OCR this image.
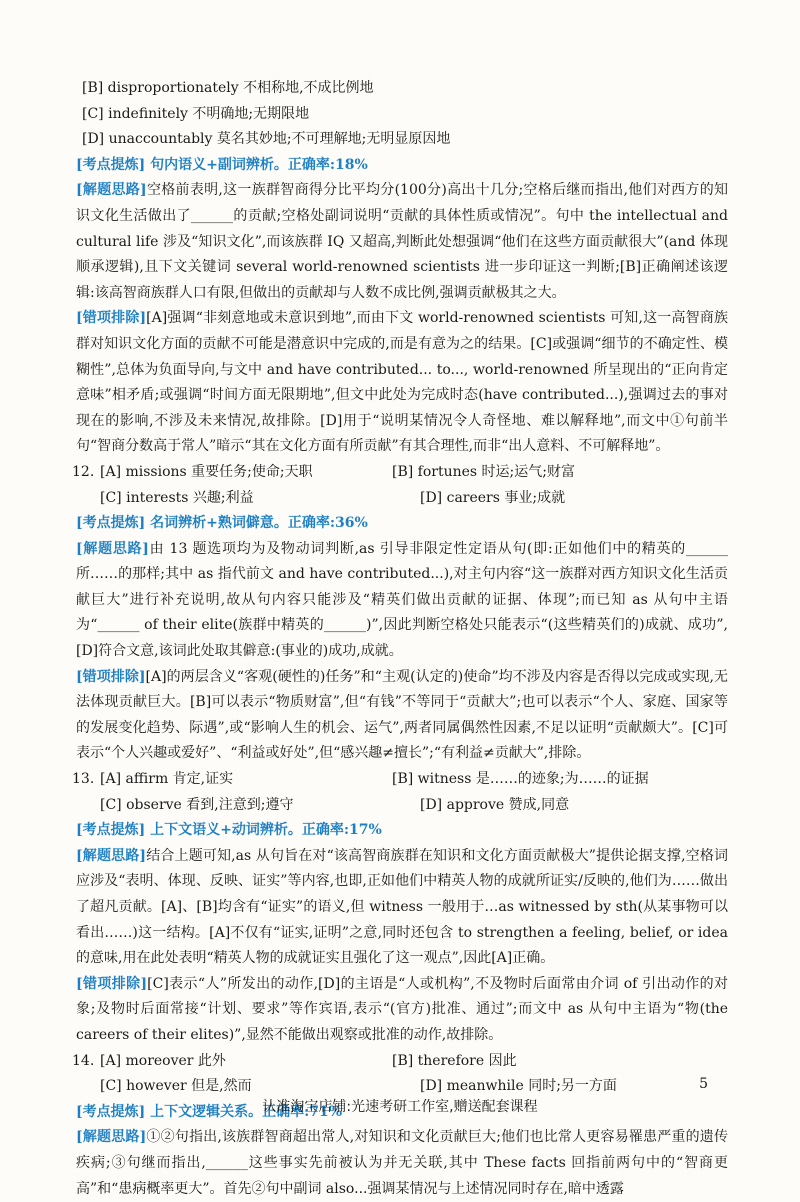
[B] disproportionately 不相称地,不成比例地
[C] indefinitely 不明确地;无期限地
[D] unaccountably 莫名其妙地;不可理解地;无明显原因地
[考点提炼] 句内语义+副词辨析。正确率:18%
[解题思路]空格前表明,这一族群智商得分比平均分(100分)高出十几分;空格后继而指出,他们对西方的知识文化生活做出了______的贡献;空格处副词说明“贡献的具体性质或情况”。句中 the intellectual and cultural life 涉及“知识文化”,而该族群 IQ 又超高,判断此处想强调“他们在这些方面贡献很大”(and 体现顺承逻辑),且下文关键词 several world-renowned scientists 进一步印证这一判断;[B]正确阐述该逻辑:该高智商族群人口有限,但做出的贡献却与人数不成比例,强调贡献极其之大。
[错项排除][A]强调“非刻意地或未意识到地”,而由下文 world-renowned scientists 可知,这一高智商族群对知识文化方面的贡献不可能是潜意识中完成的,而是有意为之的结果。[C]或强调“细节的不确定性、模糊性”,总体为负面导向,与文中 and have contributed... to..., world-renowned 所呈现出的“正向肯定意味”相矛盾;或强调“时间方面无限期地”,但文中此处为完成时态(have contributed...),强调过去的事对现在的影响,不涉及未来情况,故排除。[D]用于“说明某情况令人奇怪地、难以解释地”,而文中①句前半句“智商分数高于常人”暗示“其在文化方面有所贡献”有其合理性,而非“出人意料、不可解释地”。
12. [A] missions 重要任务;使命;天职	[B] fortunes 时运;运气;财富
[C] interests 兴趣;利益	[D] careers 事业;成就
[考点提炼] 名词辨析+熟词僻意。正确率:36%
[解题思路]由 13 题选项均为及物动词判断,as 引导非限定性定语从句(即:正如他们中的精英的______所……的那样;其中 as 指代前文 and have contributed...),对主句内容“这一族群对西方知识文化生活贡献巨大”进行补充说明,故从句内容只能涉及“精英们做出贡献的证据、体现”;而已知 as 从句中主语为“______ of their elite(族群中精英的______)”,因此判断空格处只能表示“(这些精英们的)成就、成功”,[D]符合文意,该词此处取其僻意:(事业的)成功,成就。
[错项排除][A]的两层含义“客观(硬性的)任务”和“主观(认定的)使命”均不涉及内容是否得以完成或实现,无法体现贡献巨大。[B]可以表示“物质财富”,但“有钱”不等同于“贡献大”;也可以表示“个人、家庭、国家等的发展变化趋势、际遇”,或“影响人生的机会、运气”,两者同属偶然性因素,不足以证明“贡献颇大”。[C]可表示“个人兴趣或爱好”、“利益或好处”,但“感兴趣≠擅长”;“有利益≠贡献大”,排除。
13. [A] affirm 肯定,证实	[B] witness 是……的迹象;为……的证据
[C] observe 看到,注意到;遵守	[D] approve 赞成,同意
[考点提炼] 上下文语义+动词辨析。正确率:17%
[解题思路]结合上题可知,as 从句旨在对“该高智商族群在知识和文化方面贡献极大”提供论据支撑,空格词应涉及“表明、体现、反映、证实”等内容,也即,正如他们中精英人物的成就所证实/反映的,他们为……做出了超凡贡献。[A]、[B]均含有“证实”的语义,但 witness 一般用于…as witnessed by sth(从某事物可以看出……)这一结构。[A]不仅有“证实,证明”之意,同时还包含 to strengthen a feeling, belief, or idea 的意味,用在此处表明“精英人物的成就证实且强化了这一观点”,因此[A]正确。
[错项排除][C]表示“人”所发出的动作,[D]的主语是“人或机构”,不及物时后面常由介词 of 引出动作的对象;及物时后面常接“计划、要求”等作宾语,表示“(官方)批准、通过”;而文中 as 从句中主语为“物(the careers of their elites)”,显然不能做出观察或批准的动作,故排除。
14. [A] moreover 此外	[B] therefore 因此
[C] however 但是,然而	[D] meanwhile 同时;另一方面
[考点提炼] 上下文逻辑关系。正确率:71%
[解题思路]①②句指出,该族群智商超出常人,对知识和文化贡献巨大;他们也比常人更容易罹患严重的遗传疾病;③句继而指出,______这些事实先前被认为并无关联,其中 These facts 回指前两句中的“智商更高”和“患病概率更大”。首先②句中副词 also...强调某情况与上述情况同时存在,暗中透露
5
认准淘宝店铺:光速考研工作室,赠送配套课程
